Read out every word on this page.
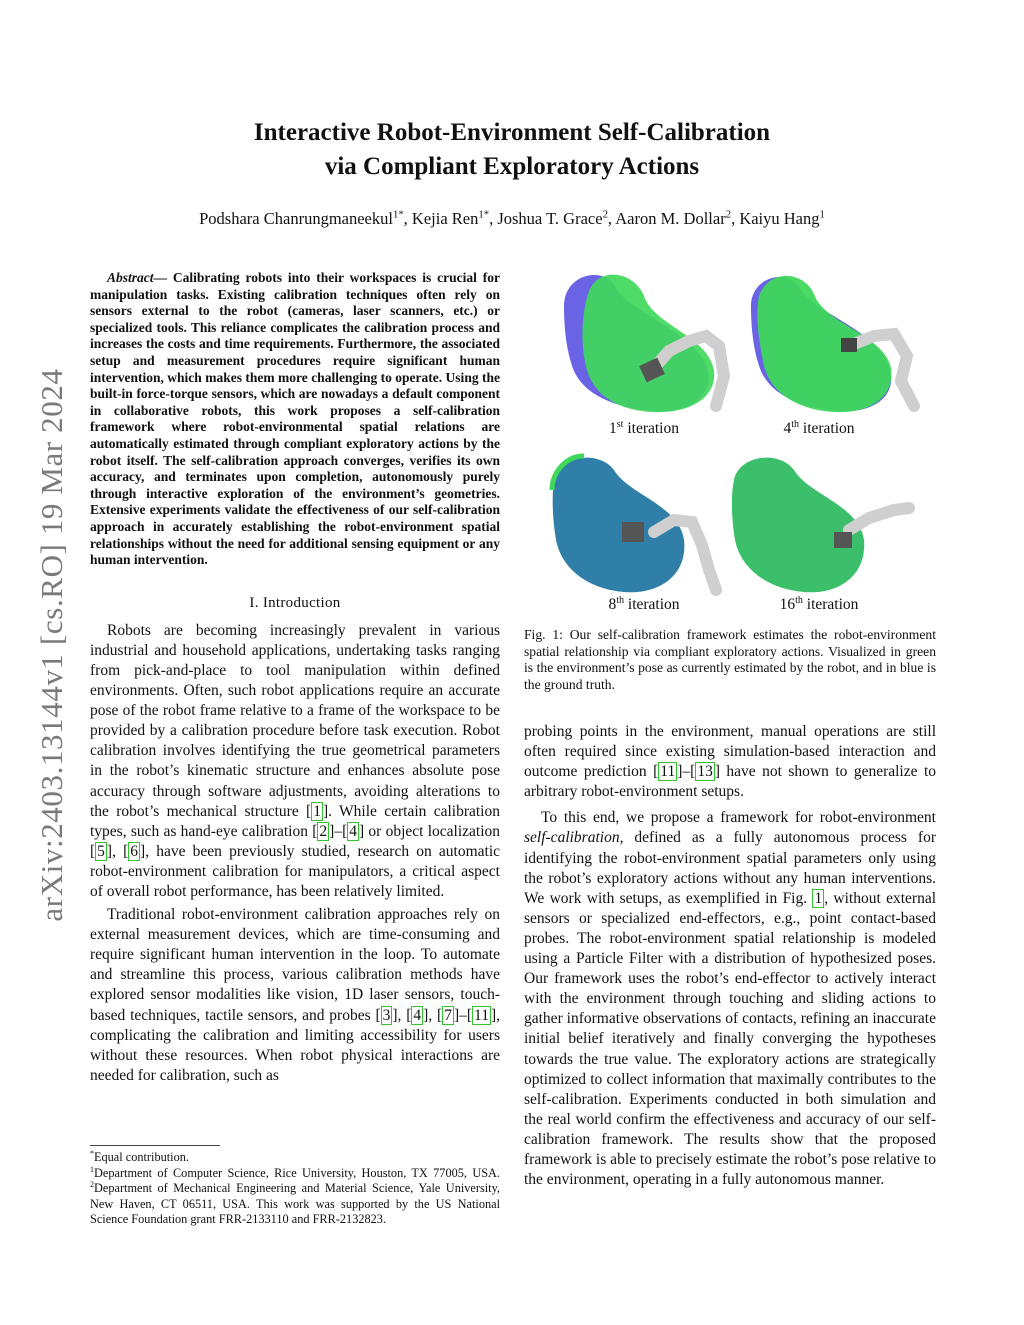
arXiv:2403.13144v1 [cs.RO] 19 Mar 2024
Interactive Robot-Environment Self-Calibration
via Compliant Exploratory Actions
Podshara Chanrungmaneekul$^{1*}$, Kejia Ren$^{1*}$, Joshua T. Grace$^2$, Aaron M. Dollar$^2$, Kaiyu Hang$^1$

Abstract— Calibrating robots into their workspaces is crucial for manipulation tasks. Existing calibration techniques often rely on sensors external to the robot (cameras, laser scanners, etc.) or specialized tools. This reliance complicates the calibration process and increases the costs and time requirements. Furthermore, the associated setup and measurement procedures require significant human intervention, which makes them more challenging to operate. Using the built-in force-torque sensors, which are nowadays a default component in collaborative robots, this work proposes a self-calibration framework where robot-environmental spatial relations are automatically estimated through compliant exploratory actions by the robot itself. The self-calibration approach converges, verifies its own accuracy, and terminates upon completion, autonomously purely through interactive exploration of the environment’s geometries. Extensive experiments validate the effectiveness of our self-calibration approach in accurately establishing the robot-environment spatial relationships without the need for additional sensing equipment or any human intervention.

I. Introduction

Robots are becoming increasingly prevalent in various industrial and household applications, undertaking tasks ranging from pick-and-place to tool manipulation within defined environments. Often, such robot applications require an accurate pose of the robot frame relative to a frame of the workspace to be provided by a calibration procedure before task execution. Robot calibration involves identifying the true geometrical parameters in the robot’s kinematic structure and enhances absolute pose accuracy through software adjustments, avoiding alterations to the robot’s mechanical structure [ 1 ]. While certain calibration types, such as hand-eye calibration [ 2 ]–[ 4 ] or object localization [ 5 ], [ 6 ], have been previously studied, research on automatic robot-environment calibration for manipulators, a critical aspect of overall robot performance, has been relatively limited.

Traditional robot-environment calibration approaches rely on external measurement devices, which are time-consuming and require significant human intervention in the loop. To automate and streamline this process, various calibration methods have explored sensor modalities like vision, 1D laser sensors, touch-based techniques, tactile sensors, and probes [ 3 ], [ 4 ], [ 7 ]–[ 11 ], complicating the calibration and limiting accessibility for users without these resources. When robot physical interactions are needed for calibration, such as

*Equal contribution.

$^1$Department of Computer Science, Rice University, Houston, TX 77005, USA. $^2$Department of Mechanical Engineering and Material Science, Yale University, New Haven, CT 06511, USA. This work was supported by the US National Science Foundation grant FRR-2133110 and FRR-2132823.

1st iteration	4th iteration
8th iteration	16th iteration
Fig. 1: Our self-calibration framework estimates the robot-environment spatial relationship via compliant exploratory actions. Visualized in green is the environment’s pose as currently estimated by the robot, and in blue is the ground truth.

probing points in the environment, manual operations are still often required since existing simulation-based interaction and outcome prediction [ 11 ]–[ 13 ] have not shown to generalize to arbitrary robot-environment setups.

To this end, we propose a framework for robot-environment self-calibration, defined as a fully autonomous process for identifying the robot-environment spatial parameters only using the robot’s exploratory actions without any human interventions. We work with setups, as exemplified in Fig. 1 , without external sensors or specialized end-effectors, e.g., point contact-based probes. The robot-environment spatial relationship is modeled using a Particle Filter with a distribution of hypothesized poses. Our framework uses the robot’s end-effector to actively interact with the environment through touching and sliding actions to gather informative observations of contacts, refining an inaccurate initial belief iteratively and finally converging the hypotheses towards the true value. The exploratory actions are strategically optimized to collect information that maximally contributes to the self-calibration. Experiments conducted in both simulation and the real world confirm the effectiveness and accuracy of our self-calibration framework. The results show that the proposed framework is able to precisely estimate the robot’s pose relative to the environment, operating in a fully autonomous manner.
